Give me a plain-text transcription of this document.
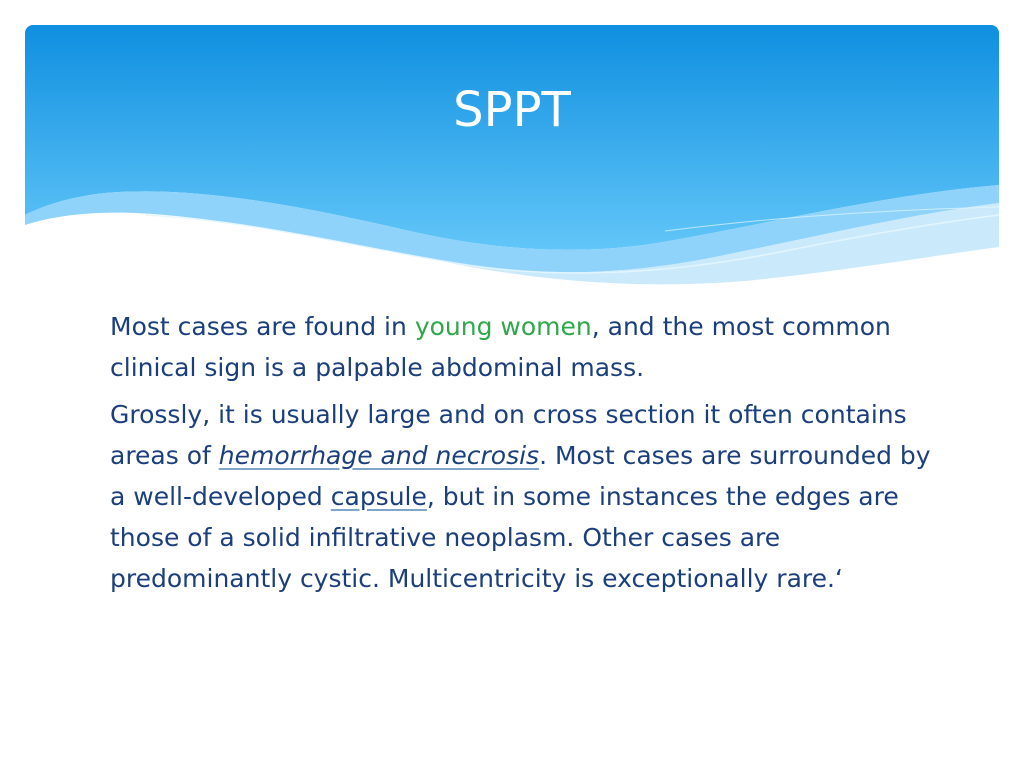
SPPT

Most cases are found in young women, and the most common clinical sign is a palpable abdominal mass.

Grossly, it is usually large and on cross section it often contains areas of hemorrhage and necrosis. Most cases are surrounded by a well-developed capsule, but in some instances the edges are those of a solid infiltrative neoplasm. Other cases are predominantly cystic. Multicentricity is exceptionally rare.‘
